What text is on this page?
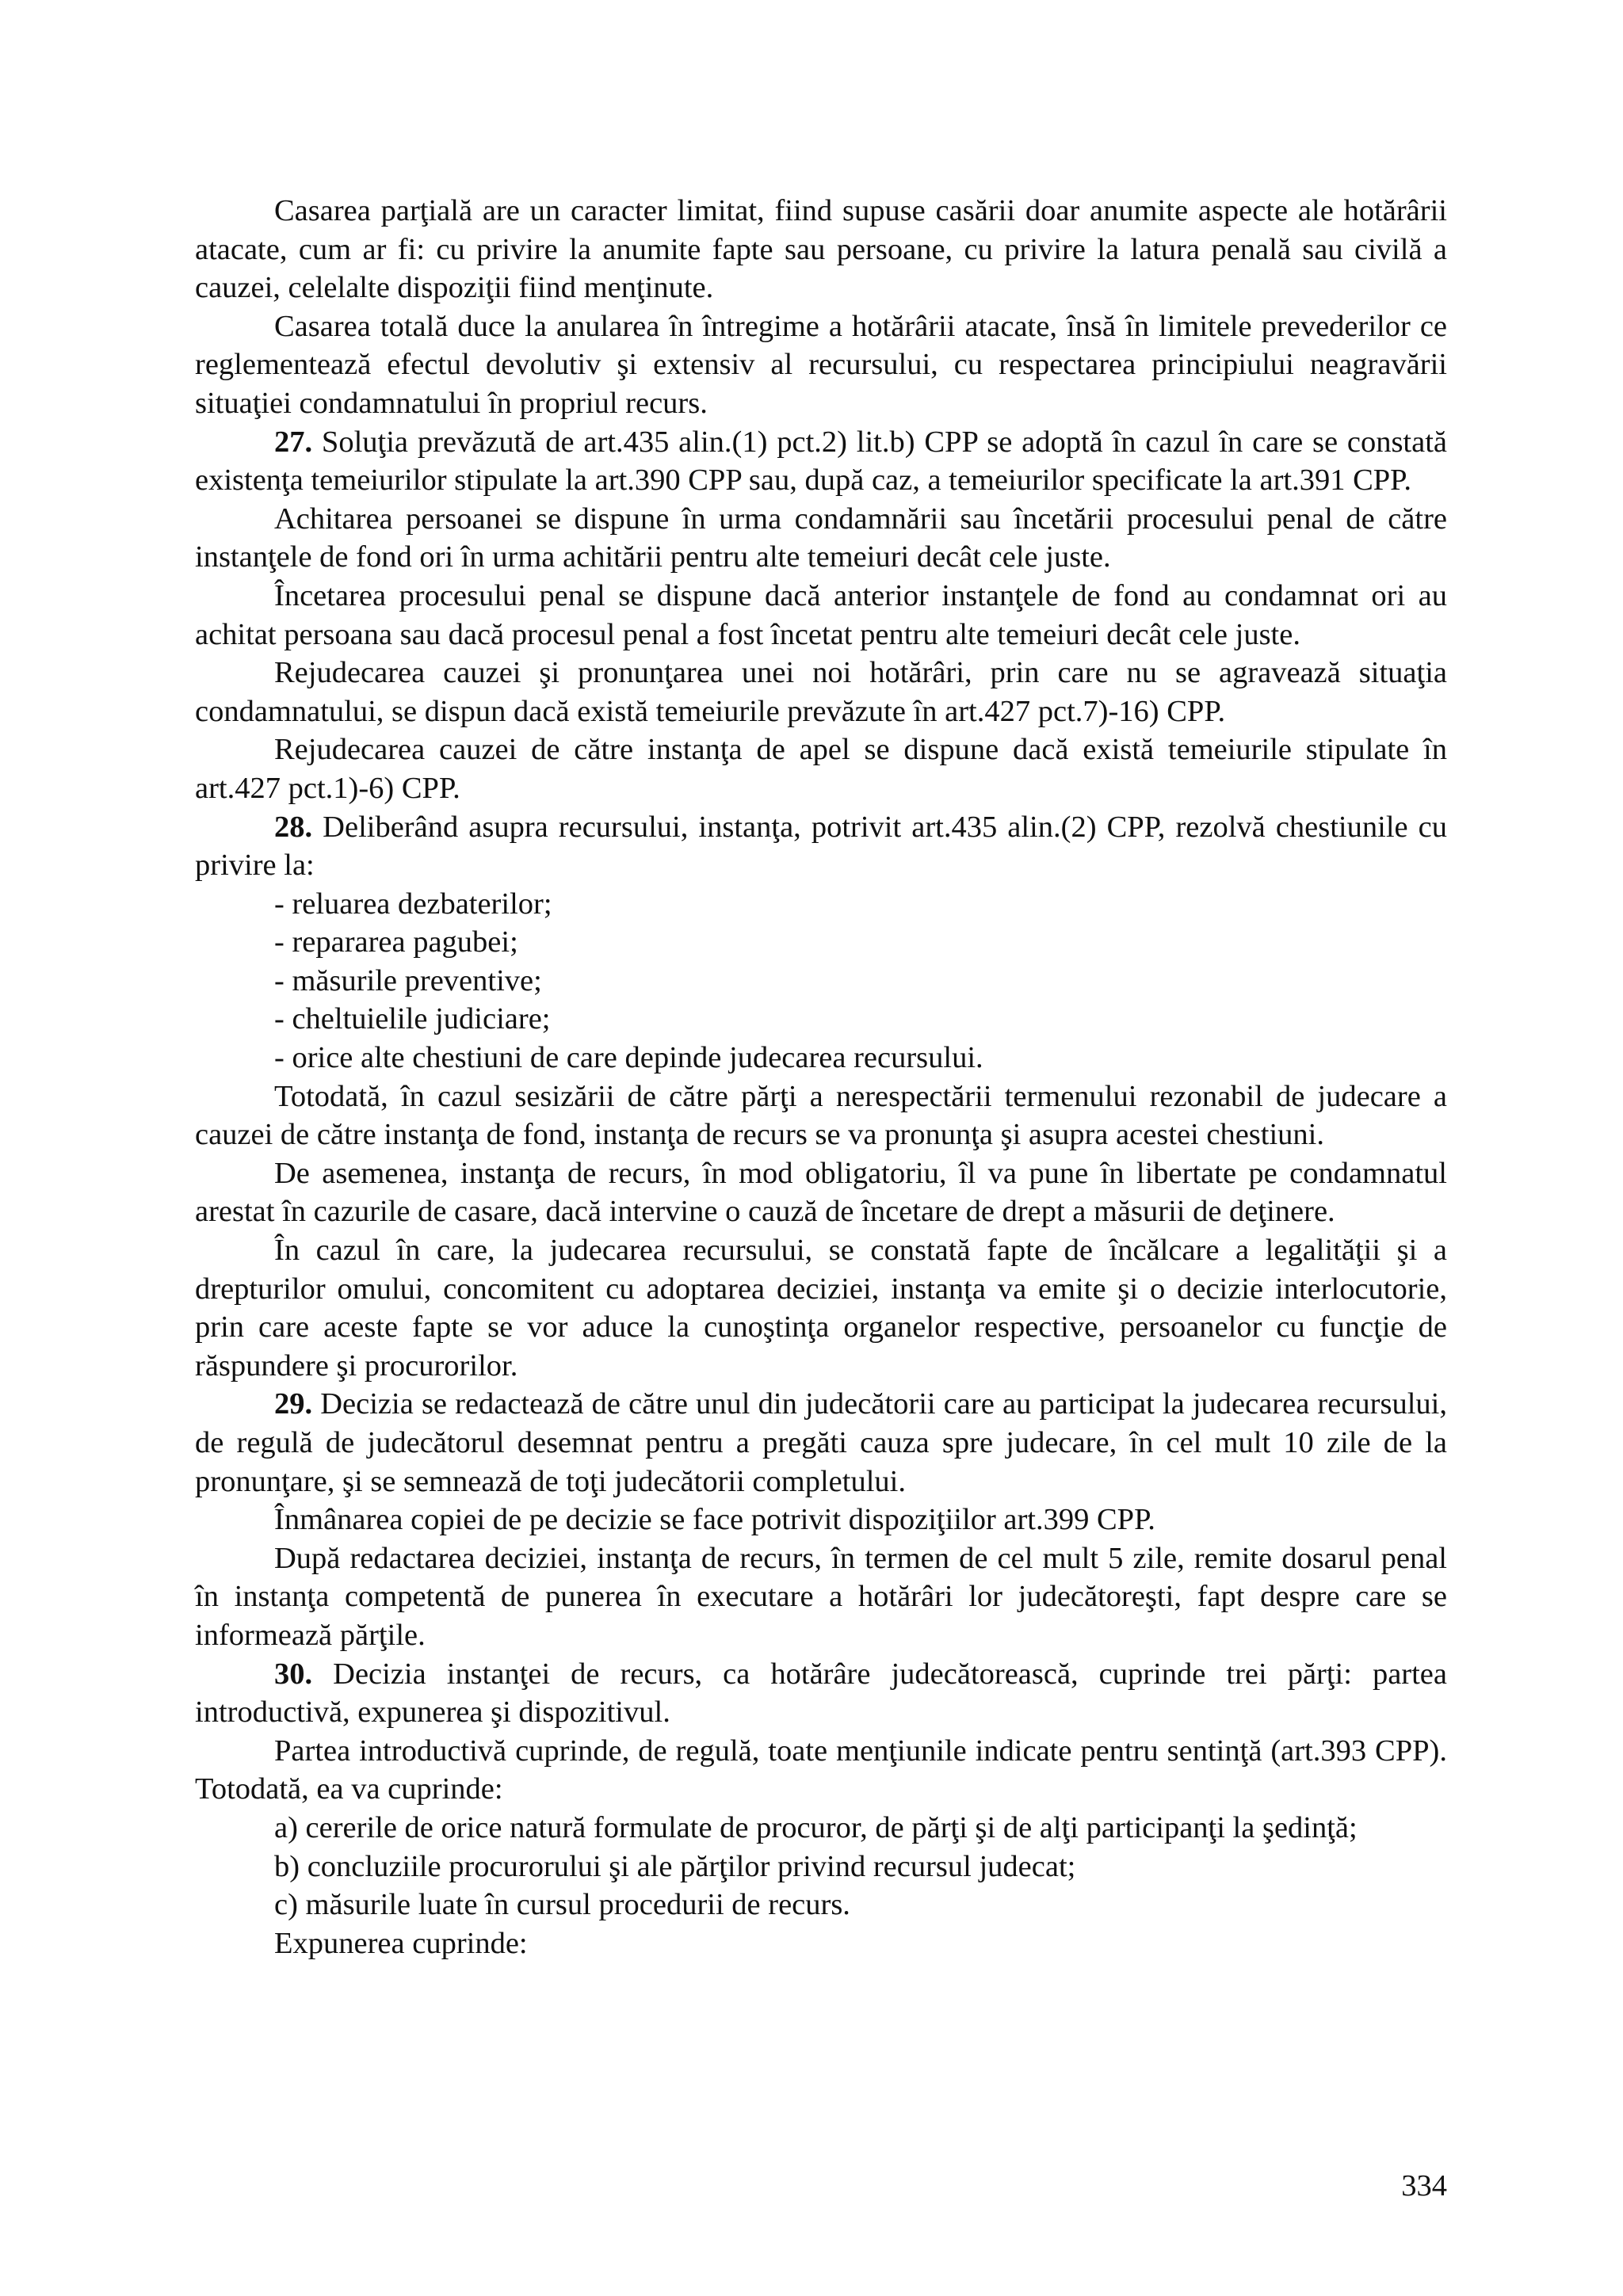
Casarea parţială are un caracter limitat, fiind supuse casării doar anumite aspecte ale hotărârii atacate, cum ar fi: cu privire la anumite fapte sau persoane, cu privire la latura penală sau civilă a cauzei, celelalte dispoziţii fiind menţinute.

Casarea totală duce la anularea în întregime a hotărârii atacate, însă în limitele prevederilor ce reglementează efectul devolutiv şi extensiv al recursului, cu respectarea principiului neagravării situaţiei condamnatului în propriul recurs.

27. Soluţia prevăzută de art.435 alin.(1) pct.2) lit.b) CPP se adoptă în cazul în care se constată existenţa temeiurilor stipulate la art.390 CPP sau, după caz, a temeiurilor specificate la art.391 CPP.

Achitarea persoanei se dispune în urma condamnării sau încetării procesului penal de către instanţele de fond ori în urma achitării pentru alte temeiuri decât cele juste.

Încetarea procesului penal se dispune dacă anterior instanţele de fond au condamnat ori au achitat persoana sau dacă procesul penal a fost încetat pentru alte temeiuri decât cele juste.

Rejudecarea cauzei şi pronunţarea unei noi hotărâri, prin care nu se agravează situaţia condamnatului, se dispun dacă există temeiurile prevăzute în art.427 pct.7)-16) CPP.

Rejudecarea cauzei de către instanţa de apel se dispune dacă există temeiurile stipulate în art.427 pct.1)-6) CPP.

28. Deliberând asupra recursului, instanţa, potrivit art.435 alin.(2) CPP, rezolvă chestiunile cu privire la:

- reluarea dezbaterilor;

- repararea pagubei;

- măsurile preventive;

- cheltuielile judiciare;

- orice alte chestiuni de care depinde judecarea recursului.

Totodată, în cazul sesizării de către părţi a nerespectării termenului rezonabil de judecare a cauzei de către instanţa de fond, instanţa de recurs se va pronunţa şi asupra acestei chestiuni.

De asemenea, instanţa de recurs, în mod obligatoriu, îl va pune în libertate pe condamnatul arestat în cazurile de casare, dacă intervine o cauză de încetare de drept a măsurii de deţinere.

În cazul în care, la judecarea recursului, se constată fapte de încălcare a legalităţii şi a drepturilor omului, concomitent cu adoptarea deciziei, instanţa va emite şi o decizie interlocutorie, prin care aceste fapte se vor aduce la cunoştinţa organelor respective, persoanelor cu funcţie de răspundere şi procurorilor.

29. Decizia se redactează de către unul din judecătorii care au participat la judecarea recursului, de regulă de judecătorul desemnat pentru a pregăti cauza spre judecare, în cel mult 10 zile de la pronunţare, şi se semnează de toţi judecătorii completului.

Înmânarea copiei de pe decizie se face potrivit dispoziţiilor art.399 CPP.

După redactarea deciziei, instanţa de recurs, în termen de cel mult 5 zile, remite dosarul penal în instanţa competentă de punerea în executare a hotărâri lor judecătoreşti, fapt despre care se informează părţile.

30. Decizia instanţei de recurs, ca hotărâre judecătorească, cuprinde trei părţi: partea introductivă, expunerea şi dispozitivul.

Partea introductivă cuprinde, de regulă, toate menţiunile indicate pentru sentinţă (art.393 CPP). Totodată, ea va cuprinde:

a) cererile de orice natură formulate de procuror, de părţi şi de alţi participanţi la şedinţă;

b) concluziile procurorului şi ale părţilor privind recursul judecat;

c) măsurile luate în cursul procedurii de recurs.

Expunerea cuprinde:

334
